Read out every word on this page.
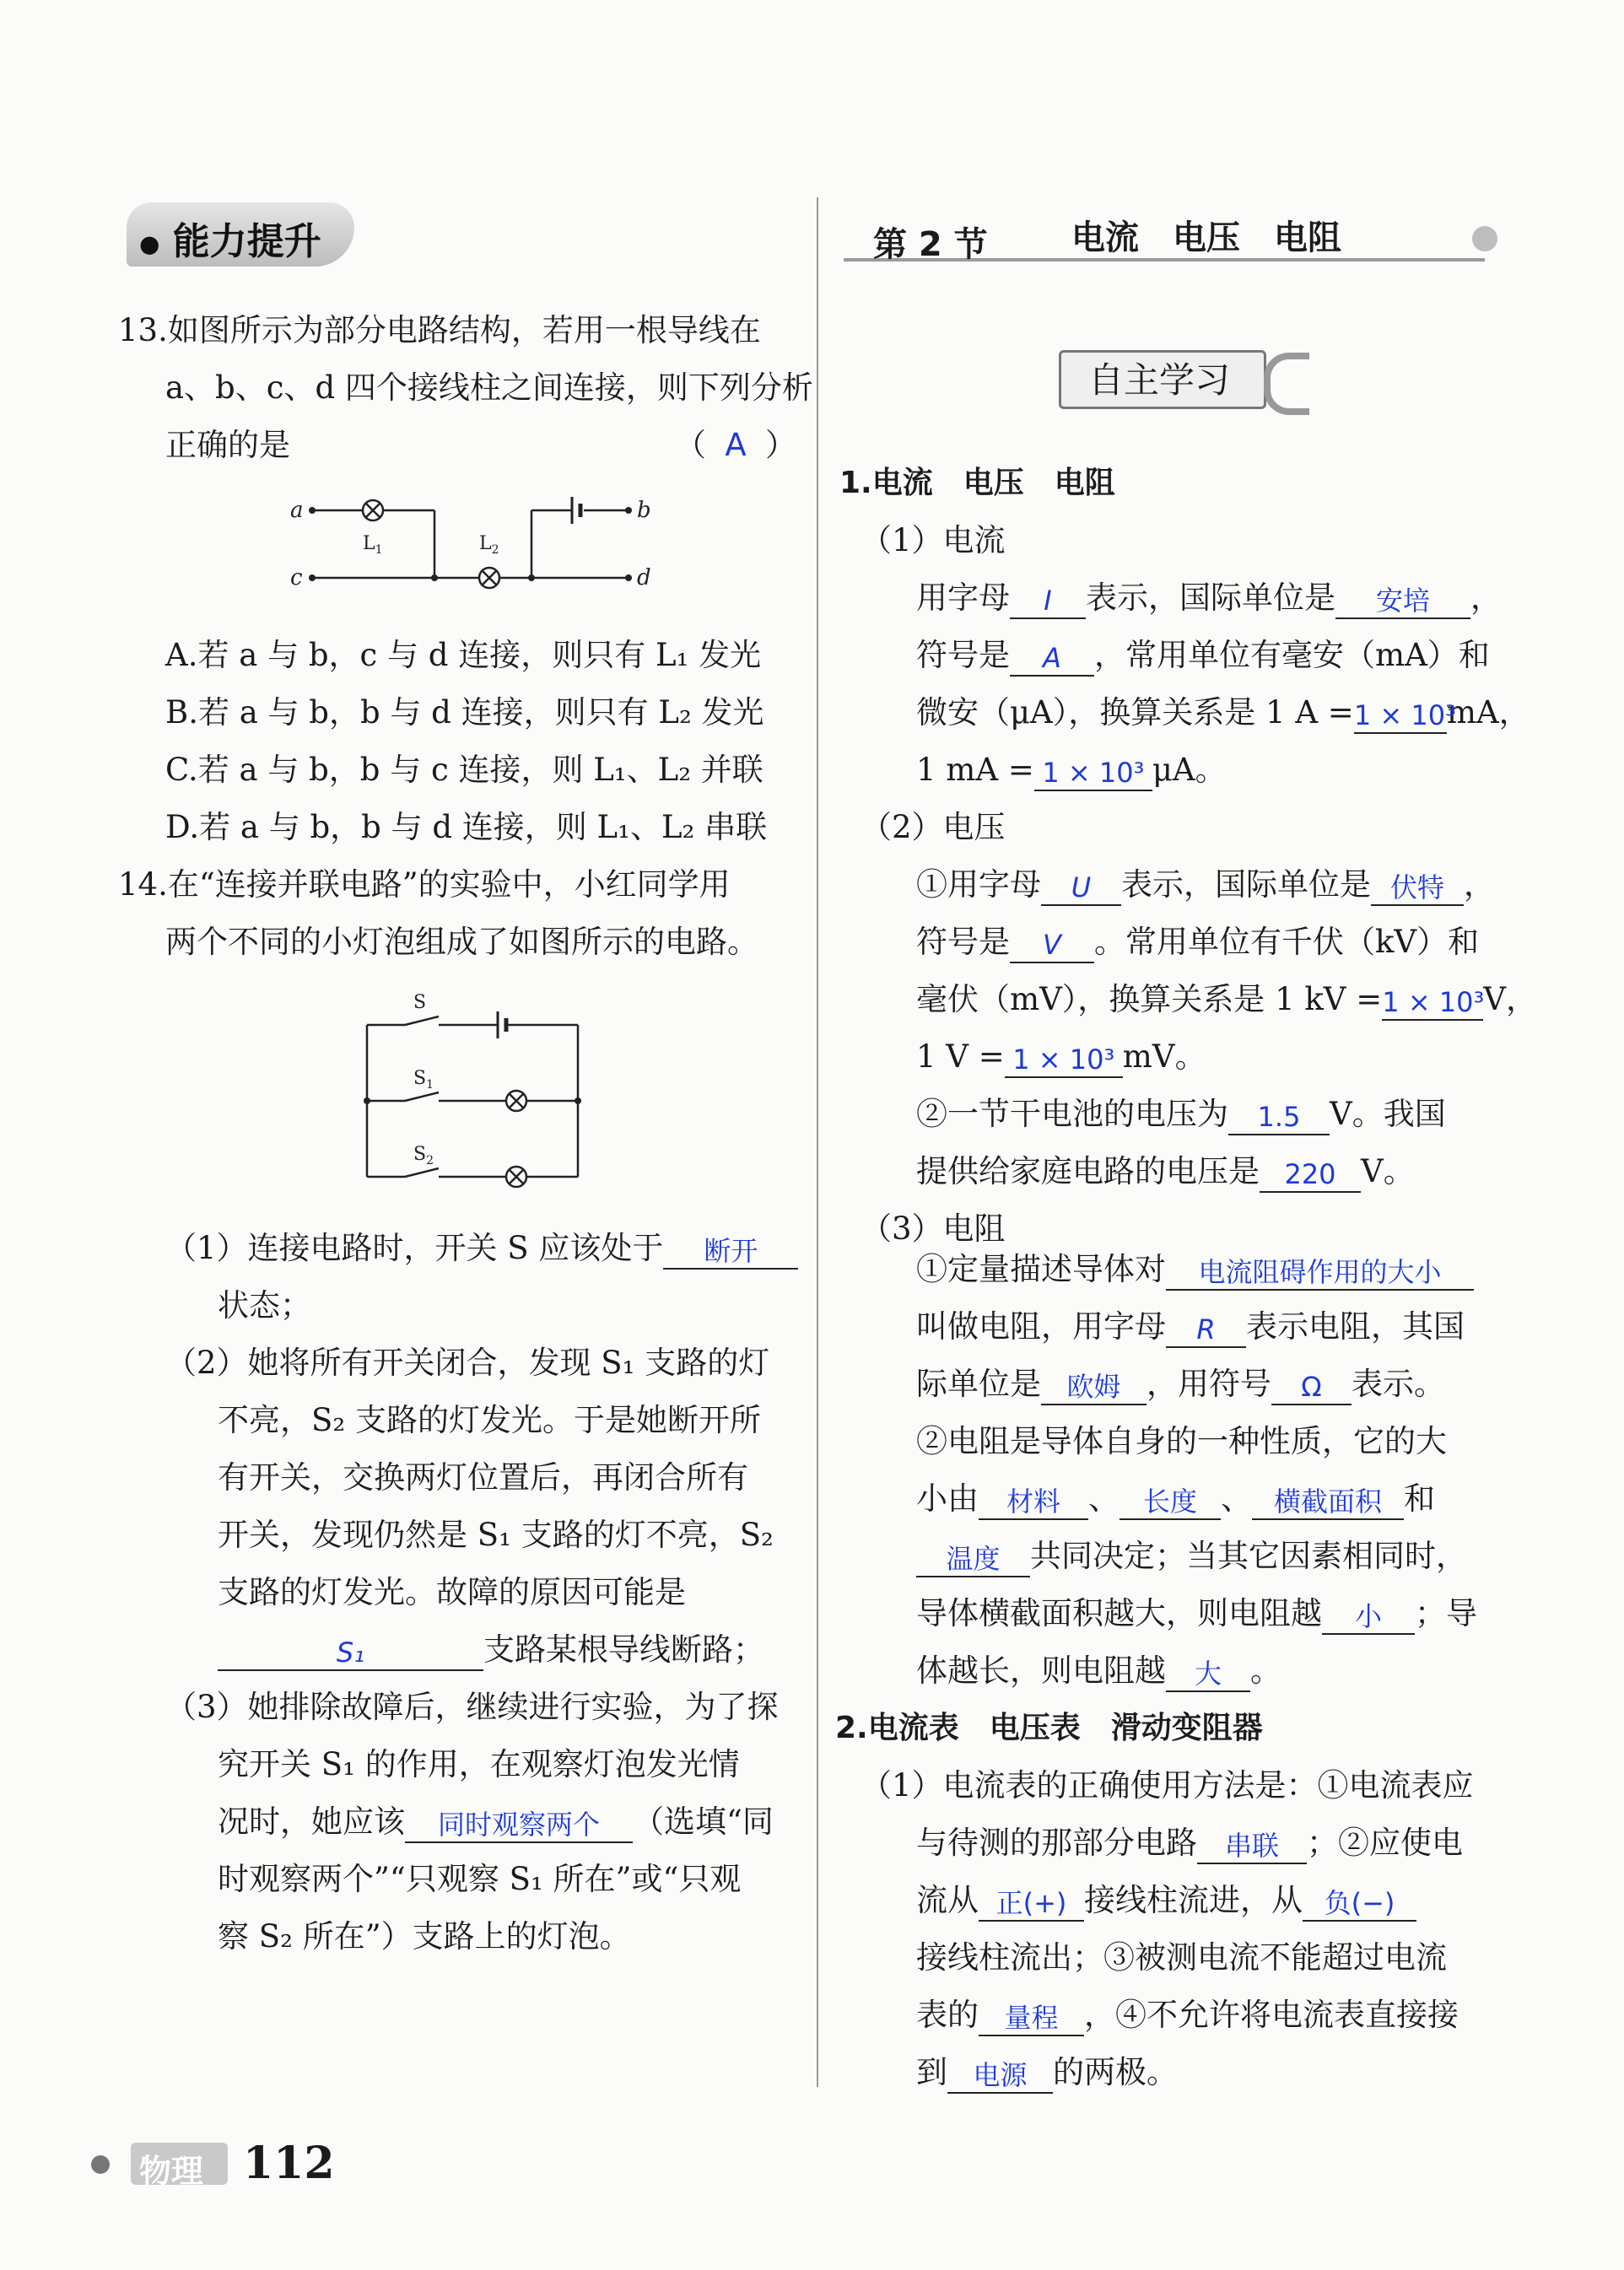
● 能力提升
13.如图所示为部分电路结构，若用一根导线在
a、b、c、d 四个接线柱之间连接，则下列分析
正确的是	（ A ）
a
c
b
d
$L_1$	$L_2$
A.若 a 与 b，c 与 d 连接，则只有 L₁ 发光
B.若 a 与 b，b 与 d 连接，则只有 L₂ 发光
C.若 a 与 b，b 与 c 连接，则 L₁、L₂ 并联
D.若 a 与 b，b 与 d 连接，则 L₁、L₂ 串联
14.在“连接并联电路”的实验中，小红同学用
两个不同的小灯泡组成了如图所示的电路。
S
$S_1$
$S_2$
（1）连接电路时，开关 S 应该处于 断开
状态；
（2）她将所有开关闭合，发现 S₁ 支路的灯
不亮，S₂ 支路的灯发光。于是她断开所
有开关，交换两灯位置后，再闭合所有
开关，发现仍然是 S₁ 支路的灯不亮，S₂
支路的灯发光。故障的原因可能是
S₁	支路某根导线断路；
（3）她排除故障后，继续进行实验，为了探
究开关 S₁ 的作用，在观察灯泡发光情
况时，她应该 同时观察两个 （选填“同
时观察两个”“只观察 S₁ 所在”或“只观
察 S₂ 所在”）支路上的灯泡。
第 2 节 电流　电压　电阻
自主学习
1.电流　电压　电阻
（1）电流
用字母 I 表示，国际单位是 安培 ，
符号是 A ，常用单位有毫安（mA）和
微安（μA），换算关系是 1 A =1 × 10³mA，
1 mA = 1 × 10³ μA。
（2）电压
①用字母 U 表示，国际单位是 伏特 ，
符号是 V 。常用单位有千伏（kV）和
毫伏（mV），换算关系是 1 kV =1 × 10³V，
1 V = 1 × 10³ mV。
②一节干电池的电压为 1.5 V。我国
提供给家庭电路的电压是 220 V。
（3）电阻
①定量描述导体对 电流阻碍作用的大小
叫做电阻，用字母 R 表示电阻，其国
际单位是 欧姆 ，用符号 Ω 表示。
②电阻是导体自身的一种性质，它的大
小由 材料 、 长度 、 横截面积 和
温度 共同决定；当其它因素相同时，
导体横截面积越大，则电阻越 小 ；导
体越长，则电阻越 大 。
2.电流表　电压表　滑动变阻器
（1）电流表的正确使用方法是：①电流表应
与待测的那部分电路 串联 ；②应使电
流从 正(+) 接线柱流进，从 负(−)
接线柱流出；③被测电流不能超过电流
表的 量程 ，④不允许将电流表直接接
到 电源 的两极。
物理 112
